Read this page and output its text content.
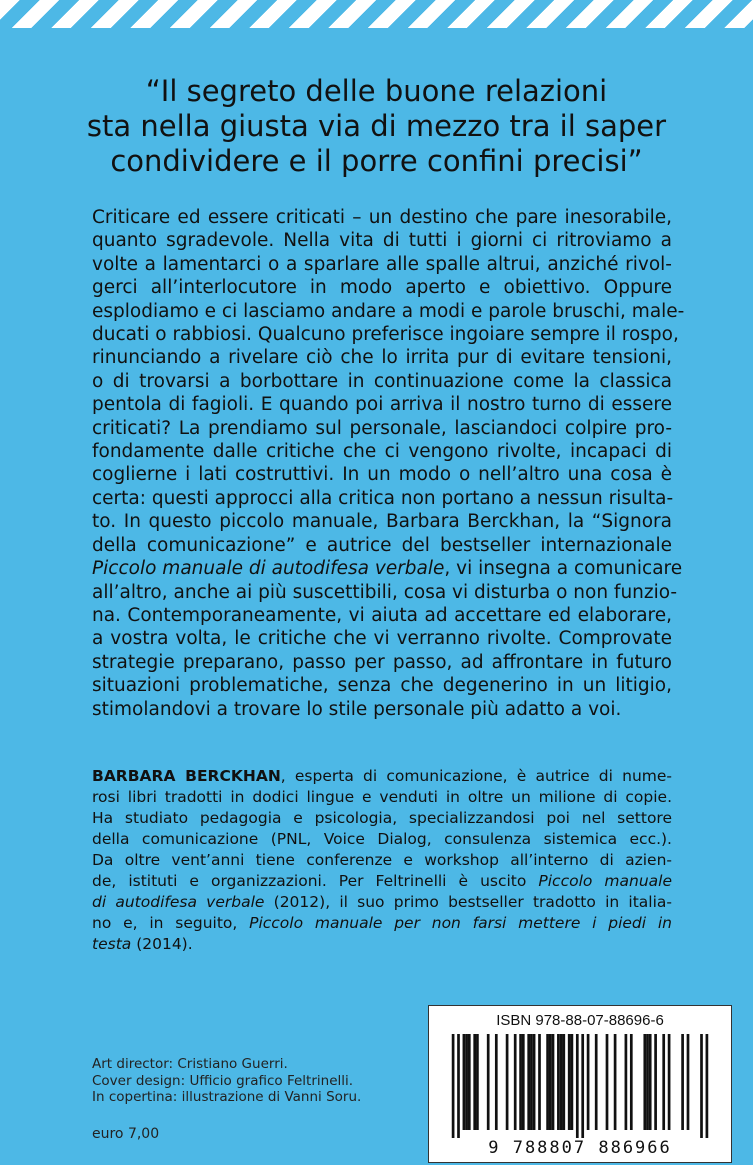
“Il segreto delle buone relazioni
sta nella giusta via di mezzo tra il saper
condividere e il porre confini precisi”
Criticare ed essere criticati – un destino che pare inesorabile,
quanto sgradevole. Nella vita di tutti i giorni ci ritroviamo a
volte a lamentarci o a sparlare alle spalle altrui, anziché rivol-
gerci all’interlocutore in modo aperto e obiettivo. Oppure
esplodiamo e ci lasciamo andare a modi e parole bruschi, male-
ducati o rabbiosi. Qualcuno preferisce ingoiare sempre il rospo,
rinunciando a rivelare ciò che lo irrita pur di evitare tensioni,
o di trovarsi a borbottare in continuazione come la classica
pentola di fagioli. E quando poi arriva il nostro turno di essere
criticati? La prendiamo sul personale, lasciandoci colpire pro-
fondamente dalle critiche che ci vengono rivolte, incapaci di
coglierne i lati costruttivi. In un modo o nell’altro una cosa è
certa: questi approcci alla critica non portano a nessun risulta-
to. In questo piccolo manuale, Barbara Berckhan, la “Signora
della comunicazione” e autrice del bestseller internazionale
Piccolo manuale di autodifesa verbale, vi insegna a comunicare
all’altro, anche ai più suscettibili, cosa vi disturba o non funzio-
na. Contemporaneamente, vi aiuta ad accettare ed elaborare,
a vostra volta, le critiche che vi verranno rivolte. Comprovate
strategie preparano, passo per passo, ad affrontare in futuro
situazioni problematiche, senza che degenerino in un litigio,
stimolandovi a trovare lo stile personale più adatto a voi.
BARBARA BERCKHAN, esperta di comunicazione, è autrice di nume-
rosi libri tradotti in dodici lingue e venduti in oltre un milione di copie.
Ha studiato pedagogia e psicologia, specializzandosi poi nel settore
della comunicazione (PNL, Voice Dialog, consulenza sistemica ecc.).
Da oltre vent’anni tiene conferenze e workshop all’interno di azien-
de, istituti e organizzazioni. Per Feltrinelli è uscito Piccolo manuale
di autodifesa verbale (2012), il suo primo bestseller tradotto in italia-
no e, in seguito, Piccolo manuale per non farsi mettere i piedi in
testa (2014).
Art director: Cristiano Guerri.
Cover design: Ufficio grafico Feltrinelli.
In copertina: illustrazione di Vanni Soru.
euro 7,00
ISBN 978-88-07-88696-6
9 788807 886966
